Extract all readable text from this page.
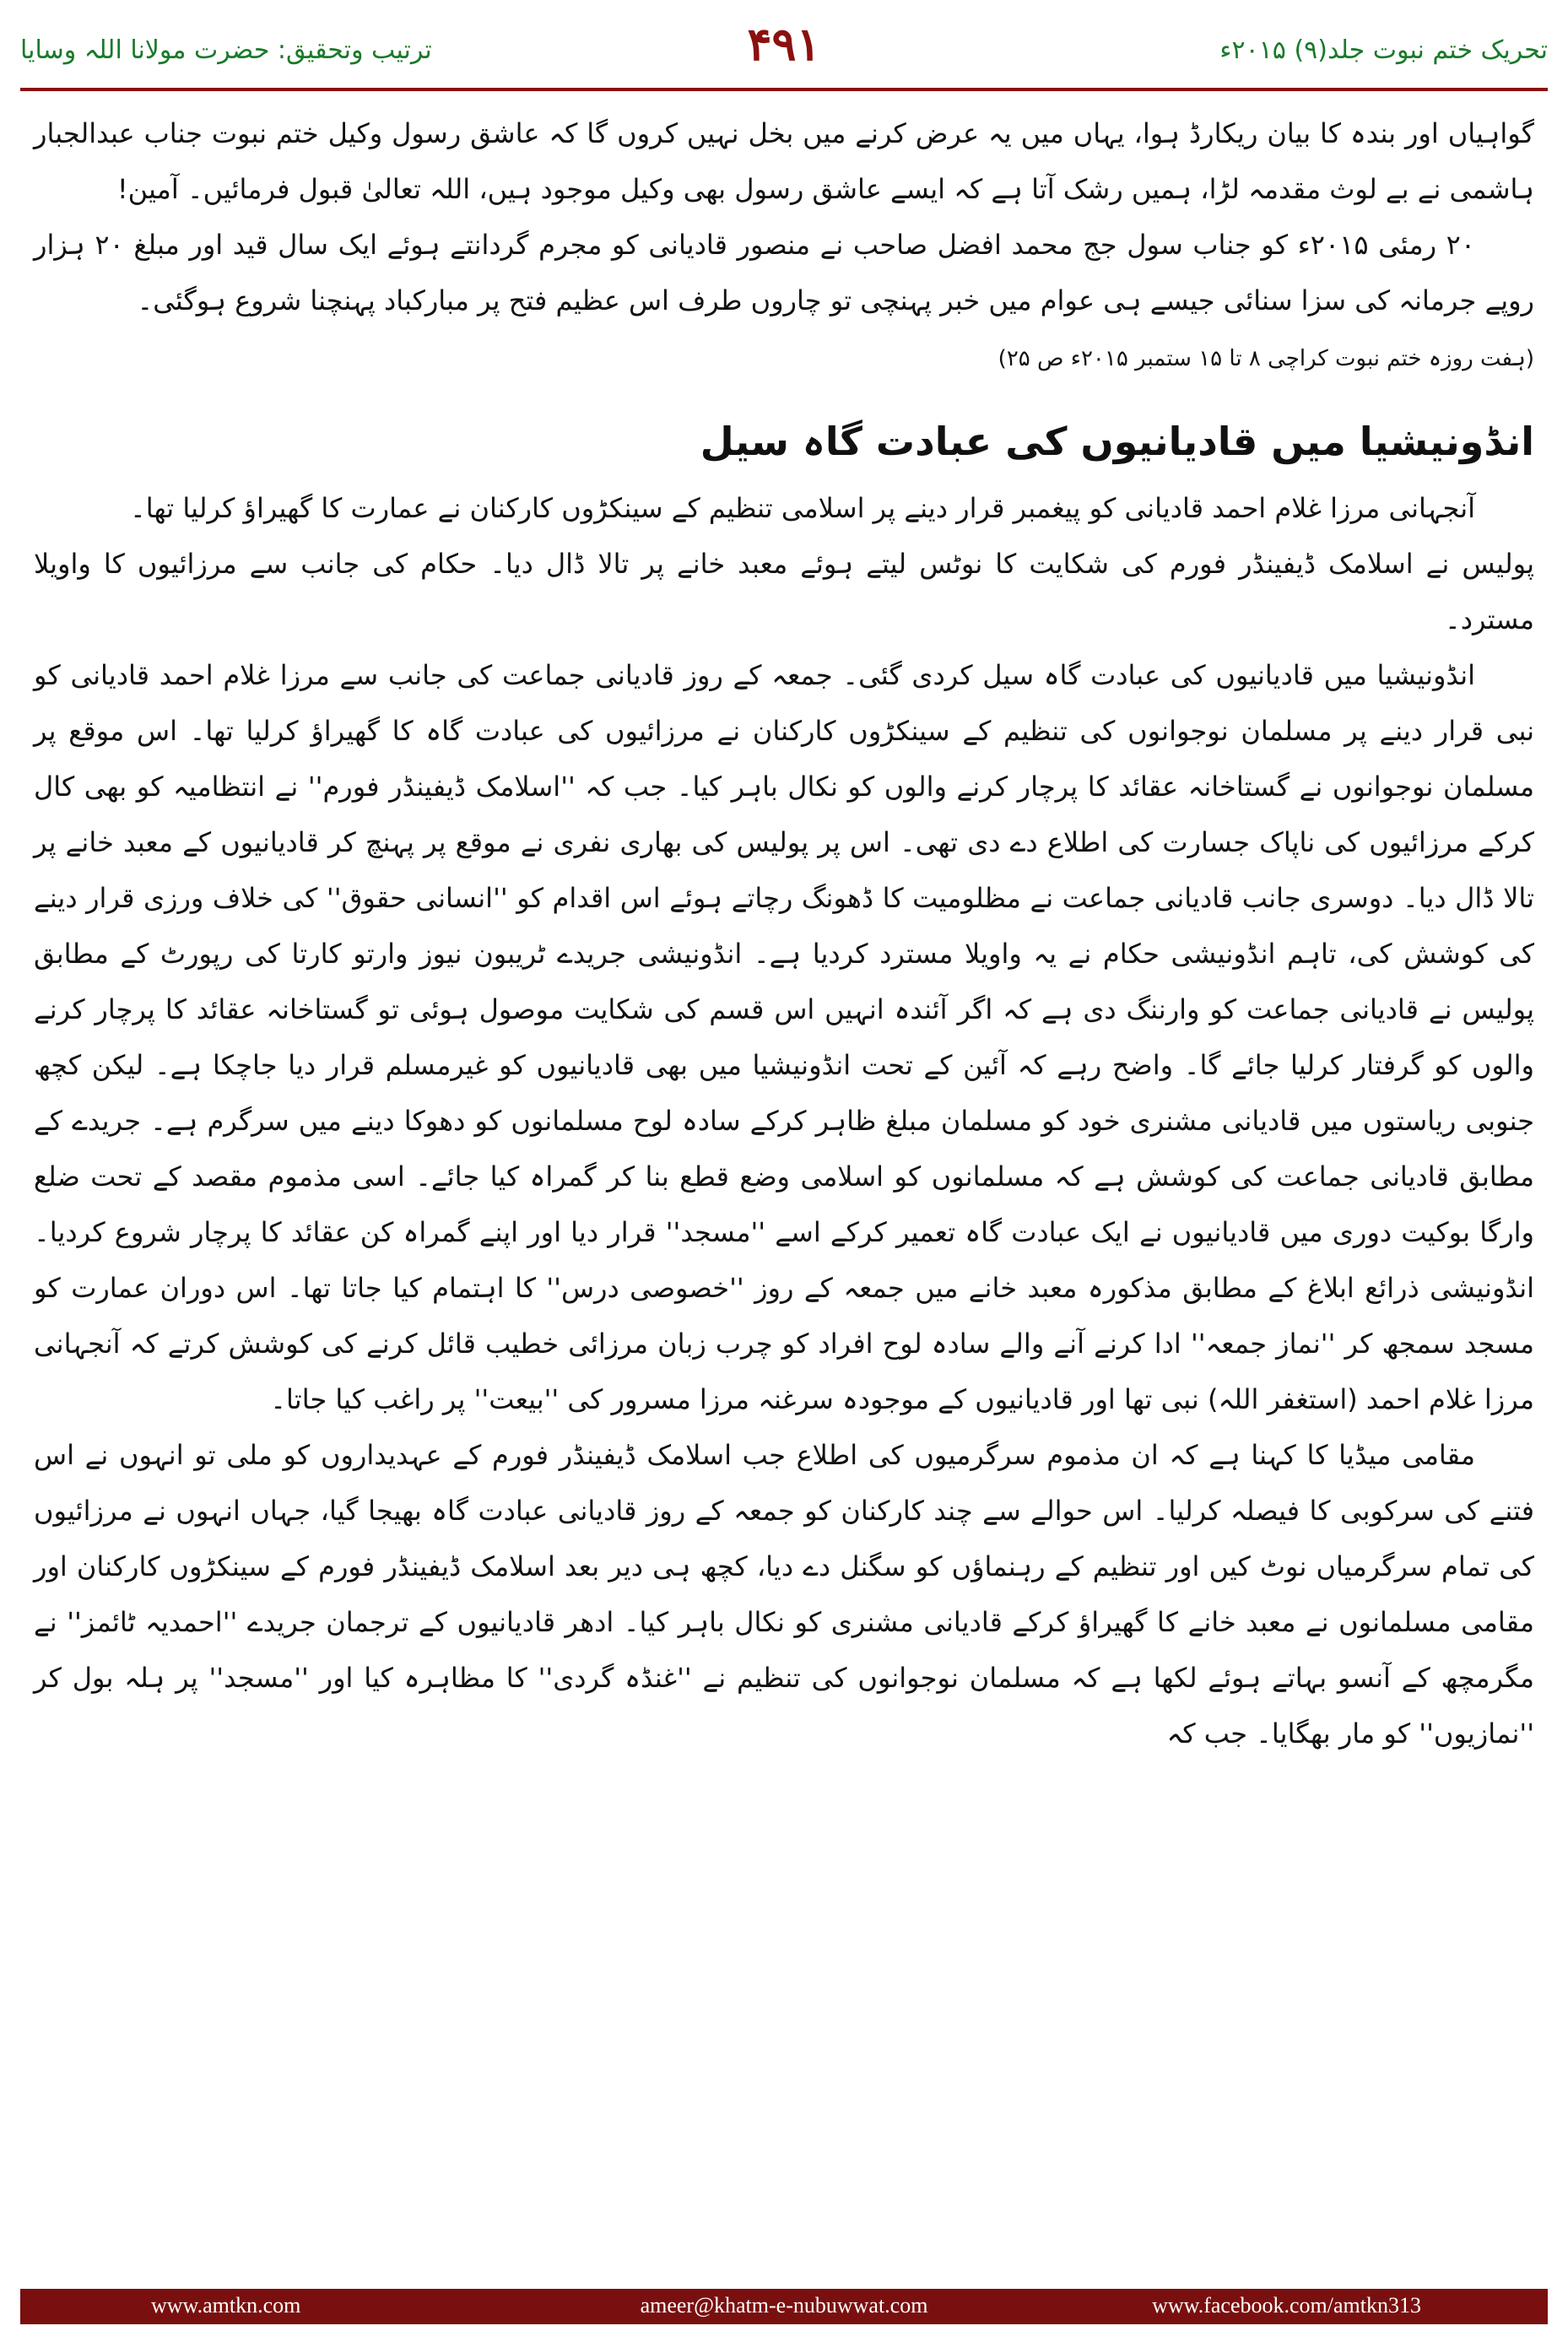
ترتیب وتحقیق: حضرت مولانا اللہ وسایا	۴۹۱	تحریک ختم نبوت جلد(۹) ۲۰۱۵ء

گواہیاں اور بندہ کا بیان ریکارڈ ہوا، یہاں میں یہ عرض کرنے میں بخل نہیں کروں گا کہ عاشق رسول وکیل ختم نبوت جناب عبدالجبار ہاشمی نے بے لوث مقدمہ لڑا، ہمیں رشک آتا ہے کہ ایسے عاشق رسول بھی وکیل موجود ہیں، اللہ تعالیٰ قبول فرمائیں۔ آمین!

۲۰ رمئی ۲۰۱۵ء کو جناب سول جج محمد افضل صاحب نے منصور قادیانی کو مجرم گردانتے ہوئے ایک سال قید اور مبلغ ۲۰ ہزار روپے جرمانہ کی سزا سنائی جیسے ہی عوام میں خبر پہنچی تو چاروں طرف اس عظیم فتح پر مبارکباد پہنچنا شروع ہوگئی۔

(ہفت روزہ ختم نبوت کراچی ۸ تا ۱۵ ستمبر ۲۰۱۵ء ص ۲۵)
انڈونیشیا میں قادیانیوں کی عبادت گاہ سیل

آنجہانی مرزا غلام احمد قادیانی کو پیغمبر قرار دینے پر اسلامی تنظیم کے سینکڑوں کارکنان نے عمارت کا گھیراؤ کرلیا تھا۔

پولیس نے اسلامک ڈیفینڈر فورم کی شکایت کا نوٹس لیتے ہوئے معبد خانے پر تالا ڈال دیا۔ حکام کی جانب سے مرزائیوں کا واویلا مسترد۔

انڈونیشیا میں قادیانیوں کی عبادت گاہ سیل کردی گئی۔ جمعہ کے روز قادیانی جماعت کی جانب سے مرزا غلام احمد قادیانی کو نبی قرار دینے پر مسلمان نوجوانوں کی تنظیم کے سینکڑوں کارکنان نے مرزائیوں کی عبادت گاہ کا گھیراؤ کرلیا تھا۔ اس موقع پر مسلمان نوجوانوں نے گستاخانہ عقائد کا پرچار کرنے والوں کو نکال باہر کیا۔ جب کہ ''اسلامک ڈیفینڈر فورم'' نے انتظامیہ کو بھی کال کرکے مرزائیوں کی ناپاک جسارت کی اطلاع دے دی تھی۔ اس پر پولیس کی بھاری نفری نے موقع پر پہنچ کر قادیانیوں کے معبد خانے پر تالا ڈال دیا۔ دوسری جانب قادیانی جماعت نے مظلومیت کا ڈھونگ رچاتے ہوئے اس اقدام کو ''انسانی حقوق'' کی خلاف ورزی قرار دینے کی کوشش کی، تاہم انڈونیشی حکام نے یہ واویلا مسترد کردیا ہے۔ انڈونیشی جریدے ٹریبون نیوز وارتو کارتا کی رپورٹ کے مطابق پولیس نے قادیانی جماعت کو وارننگ دی ہے کہ اگر آئندہ انہیں اس قسم کی شکایت موصول ہوئی تو گستاخانہ عقائد کا پرچار کرنے والوں کو گرفتار کرلیا جائے گا۔ واضح رہے کہ آئین کے تحت انڈونیشیا میں بھی قادیانیوں کو غیرمسلم قرار دیا جاچکا ہے۔ لیکن کچھ جنوبی ریاستوں میں قادیانی مشنری خود کو مسلمان مبلغ ظاہر کرکے سادہ لوح مسلمانوں کو دھوکا دینے میں سرگرم ہے۔ جریدے کے مطابق قادیانی جماعت کی کوشش ہے کہ مسلمانوں کو اسلامی وضع قطع بنا کر گمراہ کیا جائے۔ اسی مذموم مقصد کے تحت ضلع وارگا بوکیت دوری میں قادیانیوں نے ایک عبادت گاہ تعمیر کرکے اسے ''مسجد'' قرار دیا اور اپنے گمراہ کن عقائد کا پرچار شروع کردیا۔ انڈونیشی ذرائع ابلاغ کے مطابق مذکورہ معبد خانے میں جمعہ کے روز ''خصوصی درس'' کا اہتمام کیا جاتا تھا۔ اس دوران عمارت کو مسجد سمجھ کر ''نماز جمعہ'' ادا کرنے آنے والے سادہ لوح افراد کو چرب زبان مرزائی خطیب قائل کرنے کی کوشش کرتے کہ آنجہانی مرزا غلام احمد (استغفر اللہ) نبی تھا اور قادیانیوں کے موجودہ سرغنہ مرزا مسرور کی ''بیعت'' پر راغب کیا جاتا۔

مقامی میڈیا کا کہنا ہے کہ ان مذموم سرگرمیوں کی اطلاع جب اسلامک ڈیفینڈر فورم کے عہدیداروں کو ملی تو انہوں نے اس فتنے کی سرکوبی کا فیصلہ کرلیا۔ اس حوالے سے چند کارکنان کو جمعہ کے روز قادیانی عبادت گاہ بھیجا گیا، جہاں انہوں نے مرزائیوں کی تمام سرگرمیاں نوٹ کیں اور تنظیم کے رہنماؤں کو سگنل دے دیا، کچھ ہی دیر بعد اسلامک ڈیفینڈر فورم کے سینکڑوں کارکنان اور مقامی مسلمانوں نے معبد خانے کا گھیراؤ کرکے قادیانی مشنری کو نکال باہر کیا۔ ادھر قادیانیوں کے ترجمان جریدے ''احمدیہ ٹائمز'' نے مگرمچھ کے آنسو بہاتے ہوئے لکھا ہے کہ مسلمان نوجوانوں کی تنظیم نے ''غنڈہ گردی'' کا مظاہرہ کیا اور ''مسجد'' پر ہلہ بول کر ''نمازیوں'' کو مار بھگایا۔ جب کہ

www.amtkn.com	ameer@khatm-e-nubuwwat.com	www.facebook.com/amtkn313
